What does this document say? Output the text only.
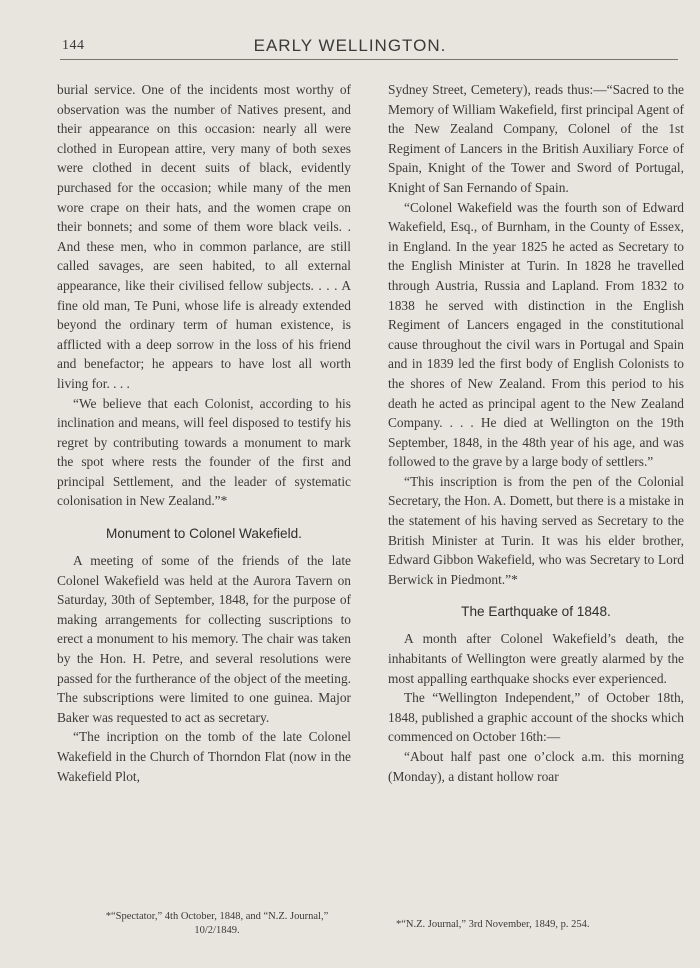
144	EARLY WELLINGTON.

burial service. One of the incidents most worthy of observation was the number of Natives present, and their appearance on this occasion: nearly all were clothed in European attire, very many of both sexes were clothed in decent suits of black, evidently purchased for the occasion; while many of the men wore crape on their hats, and the women crape on their bonnets; and some of them wore black veils. . And these men, who in common parlance, are still called savages, are seen habited, to all external appearance, like their civilised fellow subjects. . . . A fine old man, Te Puni, whose life is already extended beyond the ordinary term of human existence, is afflicted with a deep sorrow in the loss of his friend and benefactor; he appears to have lost all worth living for. . . .

“We believe that each Colonist, according to his inclination and means, will feel disposed to testify his regret by contributing towards a monument to mark the spot where rests the founder of the first and principal Settlement, and the leader of systematic colonisation in New Zealand.”*

Monument to Colonel Wakefield.

A meeting of some of the friends of the late Colonel Wakefield was held at the Aurora Tavern on Saturday, 30th of September, 1848, for the purpose of making arrangements for collecting suscriptions to erect a monument to his memory. The chair was taken by the Hon. H. Petre, and several resolutions were passed for the furtherance of the object of the meeting. The subscriptions were limited to one guinea. Major Baker was requested to act as secretary.

“The incription on the tomb of the late Colonel Wakefield in the Church of Thorndon Flat (now in the Wakefield Plot,

*“Spectator,” 4th October, 1848, and “N.Z. Journal,” 10/2/1849.

Sydney Street, Cemetery), reads thus:—“Sacred to the Memory of William Wakefield, first principal Agent of the New Zealand Company, Colonel of the 1st Regiment of Lancers in the British Auxiliary Force of Spain, Knight of the Tower and Sword of Portugal, Knight of San Fernando of Spain.

“Colonel Wakefield was the fourth son of Edward Wakefield, Esq., of Burnham, in the County of Essex, in England. In the year 1825 he acted as Secretary to the English Minister at Turin. In 1828 he travelled through Austria, Russia and Lapland. From 1832 to 1838 he served with distinction in the English Regiment of Lancers engaged in the constitutional cause throughout the civil wars in Portugal and Spain and in 1839 led the first body of English Colonists to the shores of New Zealand. From this period to his death he acted as principal agent to the New Zealand Company. . . . He died at Wellington on the 19th September, 1848, in the 48th year of his age, and was followed to the grave by a large body of settlers.”

“This inscription is from the pen of the Colonial Secretary, the Hon. A. Domett, but there is a mistake in the statement of his having served as Secretary to the British Minister at Turin. It was his elder brother, Edward Gibbon Wakefield, who was Secretary to Lord Berwick in Piedmont.”*

The Earthquake of 1848.

A month after Colonel Wakefield’s death, the inhabitants of Wellington were greatly alarmed by the most appalling earthquake shocks ever experienced.

The “Wellington Independent,” of October 18th, 1848, published a graphic account of the shocks which commenced on October 16th:—

“About half past one o’clock a.m. this morning (Monday), a distant hollow roar

*“N.Z. Journal,” 3rd November, 1849, p. 254.
